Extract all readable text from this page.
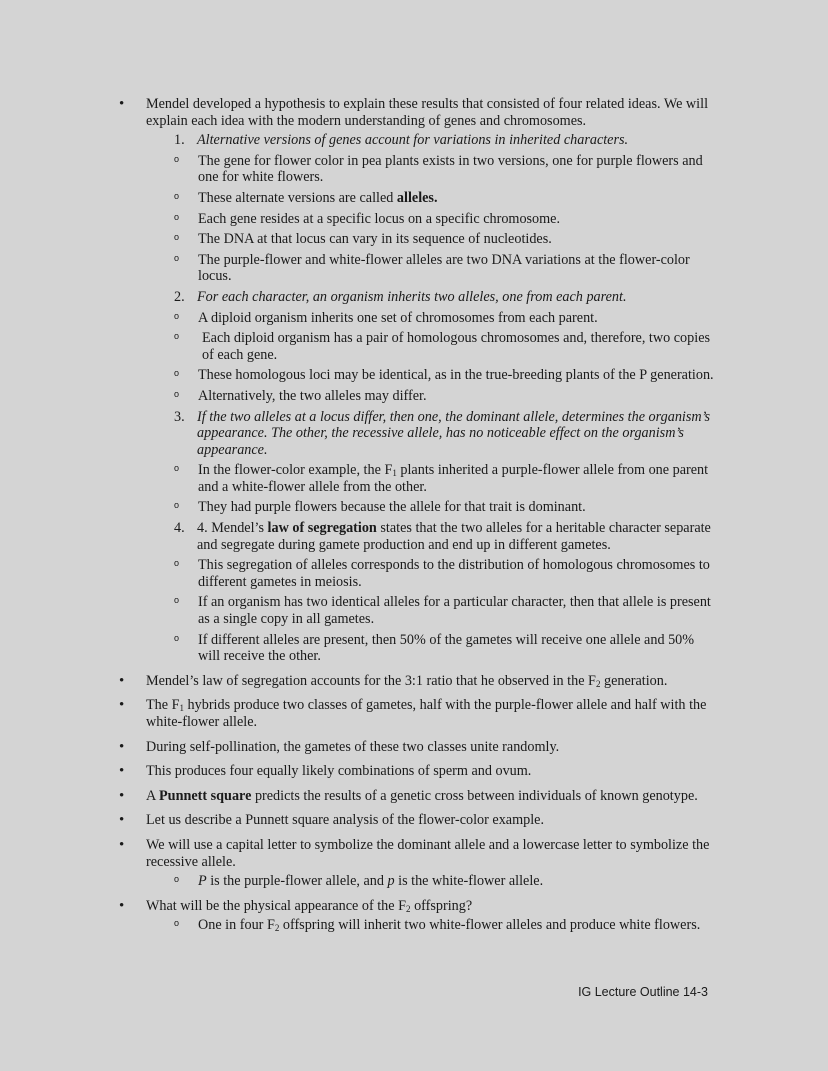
• Mendel developed a hypothesis to explain these results that consisted of four related ideas. We will explain each idea with the modern understanding of genes and chromosomes.
1. Alternative versions of genes account for variations in inherited characters.
o The gene for flower color in pea plants exists in two versions, one for purple flowers and one for white flowers.
o These alternate versions are called alleles.
o Each gene resides at a specific locus on a specific chromosome.
o The DNA at that locus can vary in its sequence of nucleotides.
o The purple-flower and white-flower alleles are two DNA variations at the flower-color locus.
2. For each character, an organism inherits two alleles, one from each parent.
o A diploid organism inherits one set of chromosomes from each parent.
o Each diploid organism has a pair of homologous chromosomes and, therefore, two copies of each gene.
o These homologous loci may be identical, as in the true-breeding plants of the P generation.
o Alternatively, the two alleles may differ.
3. If the two alleles at a locus differ, then one, the dominant allele, determines the organism’s appearance. The other, the recessive allele, has no noticeable effect on the organism’s appearance.
o In the flower-color example, the $F_1$ plants inherited a purple-flower allele from one parent and a white-flower allele from the other.
o They had purple flowers because the allele for that trait is dominant.
4. 4. Mendel’s law of segregation states that the two alleles for a heritable character separate and segregate during gamete production and end up in different gametes.
o This segregation of alleles corresponds to the distribution of homologous chromosomes to different gametes in meiosis.
o If an organism has two identical alleles for a particular character, then that allele is present as a single copy in all gametes.
o If different alleles are present, then 50% of the gametes will receive one allele and 50% will receive the other.
• Mendel’s law of segregation accounts for the 3:1 ratio that he observed in the $F_2$ generation.
• The $F_1$ hybrids produce two classes of gametes, half with the purple-flower allele and half with the white-flower allele.
• During self-pollination, the gametes of these two classes unite randomly.
• This produces four equally likely combinations of sperm and ovum.
• A Punnett square predicts the results of a genetic cross between individuals of known genotype.
• Let us describe a Punnett square analysis of the flower-color example.
• We will use a capital letter to symbolize the dominant allele and a lowercase letter to symbolize the recessive allele.
o P is the purple-flower allele, and p is the white-flower allele.
• What will be the physical appearance of the $F_2$ offspring?
o One in four $F_2$ offspring will inherit two white-flower alleles and produce white flowers.
IG Lecture Outline 14-3
